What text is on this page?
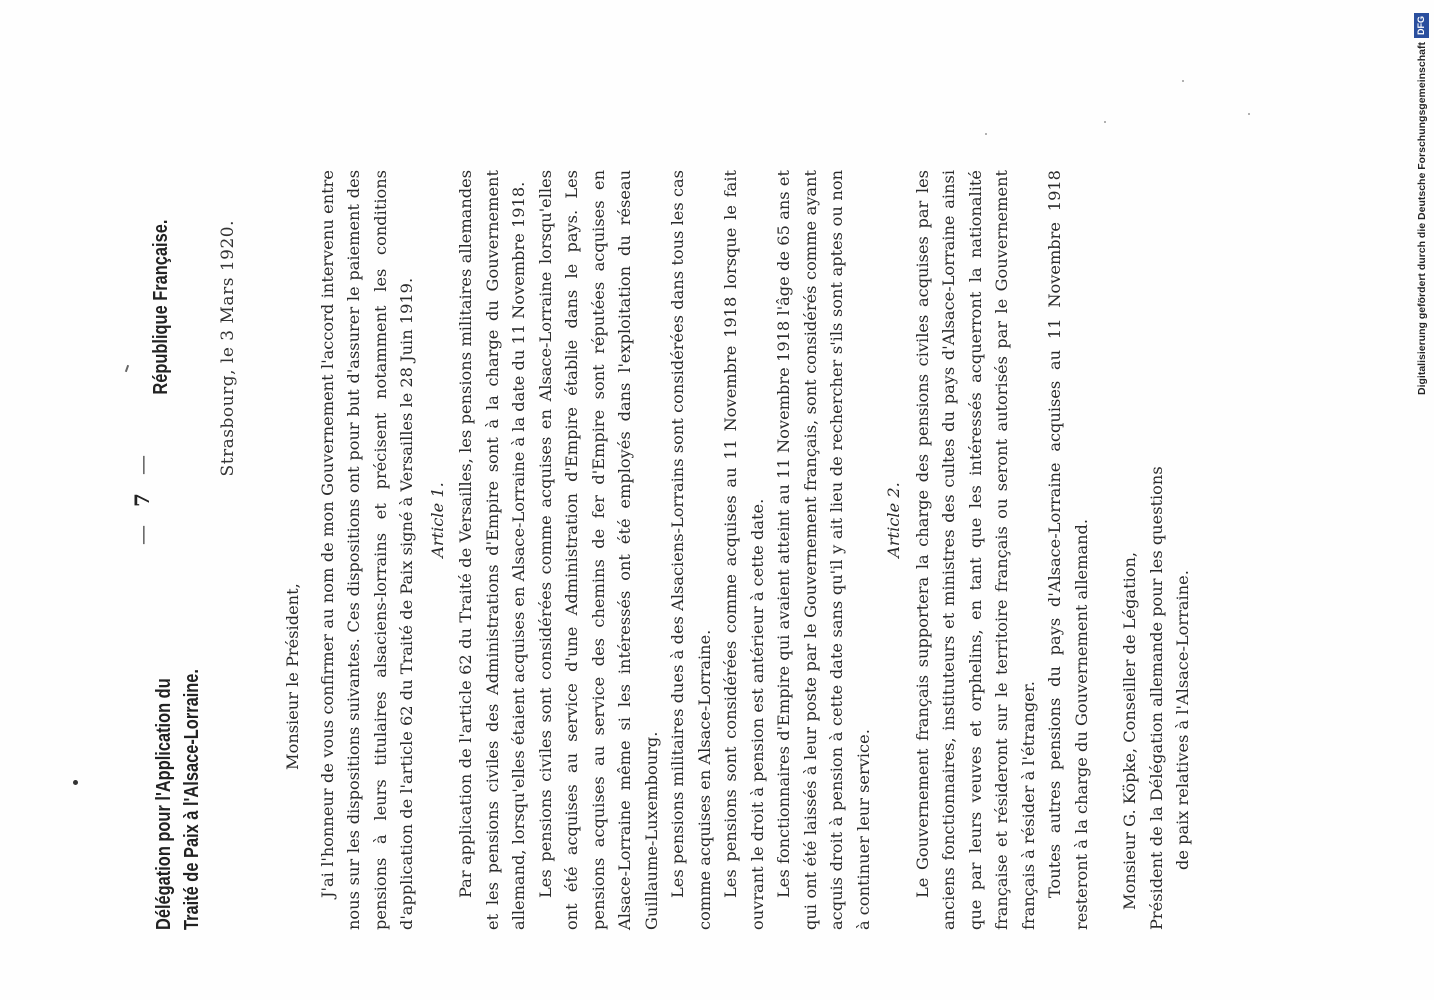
Délégation pour l'Application du Traité de Paix à l'Alsace-Lorraine.
—7—
République Française.	Strasbourg, le 3 Mars 1920.

Monsieur le Président, J'ai l'honneur de vous confirmer au nom de mon Gouvernement l'accord intervenu entre nous sur les dispositions suivantes. Ces dispositions ont pour but d'assurer le paiement des pensions à leurs titulaires alsaciens-lorrains et précisent notamment les conditions d'application de l'article 62 du Traité de Paix signé à Versailles le 28 Juin 1919. Article 1. Par application de l'article 62 du Traité de Versailles, les pensions militaires allemandes et les pensions civiles des Administrations d'Empire sont à la charge du Gouvernement allemand, lorsqu'elles étaient acquises en Alsace-Lorraine à la date du 11 Novembre 1918. Les pensions civiles sont considérées comme acquises en Alsace-Lorraine lorsqu'elles ont été acquises au service d'une Administration d'Empire établie dans le pays. Les pensions acquises au service des chemins de fer d'Empire sont réputées acquises en Alsace-Lorraine même si les intéressés ont été employés dans l'exploitation du réseau Guillaume-Luxembourg. Les pensions militaires dues à des Alsaciens-Lorrains sont considérées dans tous les cas comme acquises en Alsace-Lorraine. Les pensions sont considérées comme acquises au 11 Novembre 1918 lorsque le fait ouvrant le droit à pension est antérieur à cette date. Les fonctionnaires d'Empire qui avaient atteint au 11 Novembre 1918 l'âge de 65 ans et qui ont été laissés à leur poste par le Gouvernement français, sont considérés comme ayant acquis droit à pension à cette date sans qu'il y ait lieu de rechercher s'ils sont aptes ou non à continuer leur service.

Article 2. Le Gouvernement français supportera la charge des pensions civiles acquises par les anciens fonctionnaires, instituteurs et ministres des cultes du pays d'Alsace-Lorraine ainsi que par leurs veuves et orphelins, en tant que les intéressés acquerront la nationalité française et résideront sur le territoire français ou seront autorisés par le Gouvernement français à résider à l'étranger. Toutes autres pensions du pays d'Alsace-Lorraine acquises au 11 Novembre 1918 resteront à la charge du Gouvernement allemand. Monsieur G. Köpke, Conseiller de Légation, Président de la Délégation allemande pour les questions de paix relatives à l'Alsace-Lorraine.

Digitalisierung gefördert durch die Deutsche Forschungsgemeinschaft
DFG
